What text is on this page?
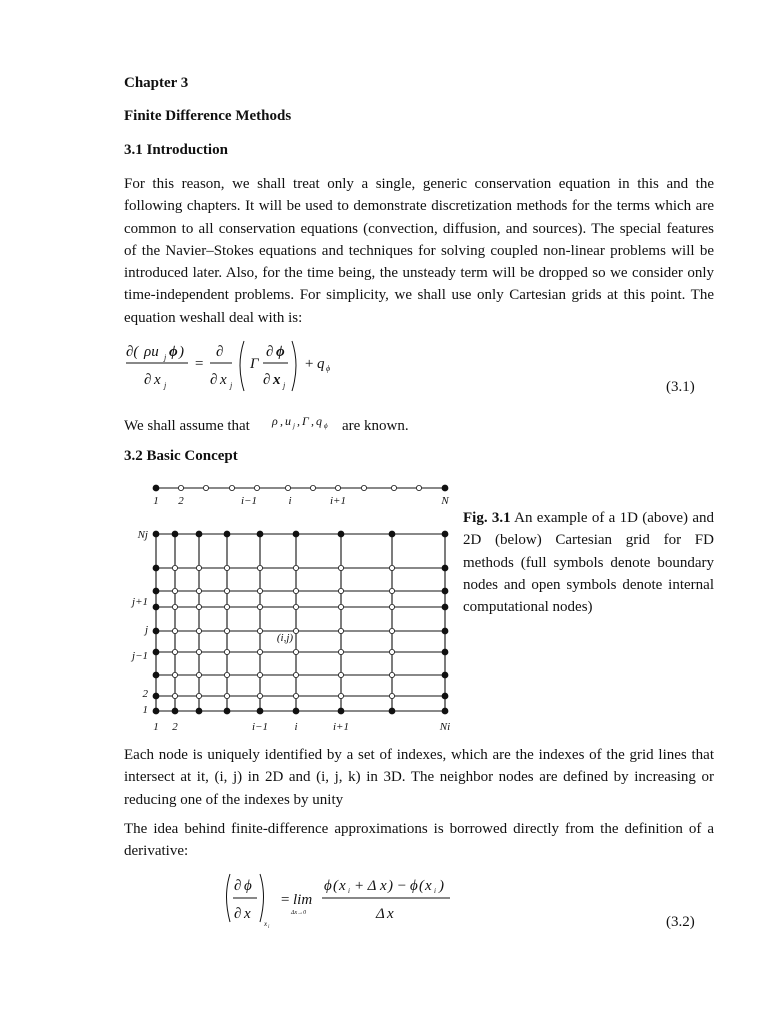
Chapter 3

Finite Difference Methods

3.1 Introduction

For this reason, we shall treat only a single, generic conservation equation in this and the following chapters. It will be used to demonstrate discretization methods for the terms which are common to all conservation equations (convection, diffusion, and sources). The special features of the Navier–Stokes equations and techniques for solving coupled non-linear problems will be introduced later. Also, for the time being, the unsteady term will be dropped so we consider only time-independent problems. For simplicity, we shall use only Cartesian grids at this point. The equation weshall deal with is:

∂( ρu j ϕ )
∂ x j
=
∂
∂ x j
Γ
∂ ϕ
∂ x j
+ q ϕ
(3.1)
We shall assume that ρ , u j , Γ , q ϕ are known.

3.2 Basic Concept

1 2	i−1	i	i+1	N
Nj
j+1
j
j−1
2
1
1 2	i−1 i	i+1	Ni
(i,j)

Fig. 3.1 An example of a 1D (above) and 2D (below) Cartesian grid for FD methods (full symbols denote boundary nodes and open symbols denote internal computational nodes)

Each node is uniquely identified by a set of indexes, which are the indexes of the grid lines that intersect at it, (i, j) in 2D and (i, j, k) in 3D. The neighbor nodes are defined by increasing or reducing one of the indexes by unity

The idea behind finite-difference approximations is borrowed directly from the definition of a derivative:

∂ ϕ
∂ x
x i
= lim
Δx→0
ϕ ( x i + Δ x ) − ϕ ( x i )
Δ x	(3.2)
